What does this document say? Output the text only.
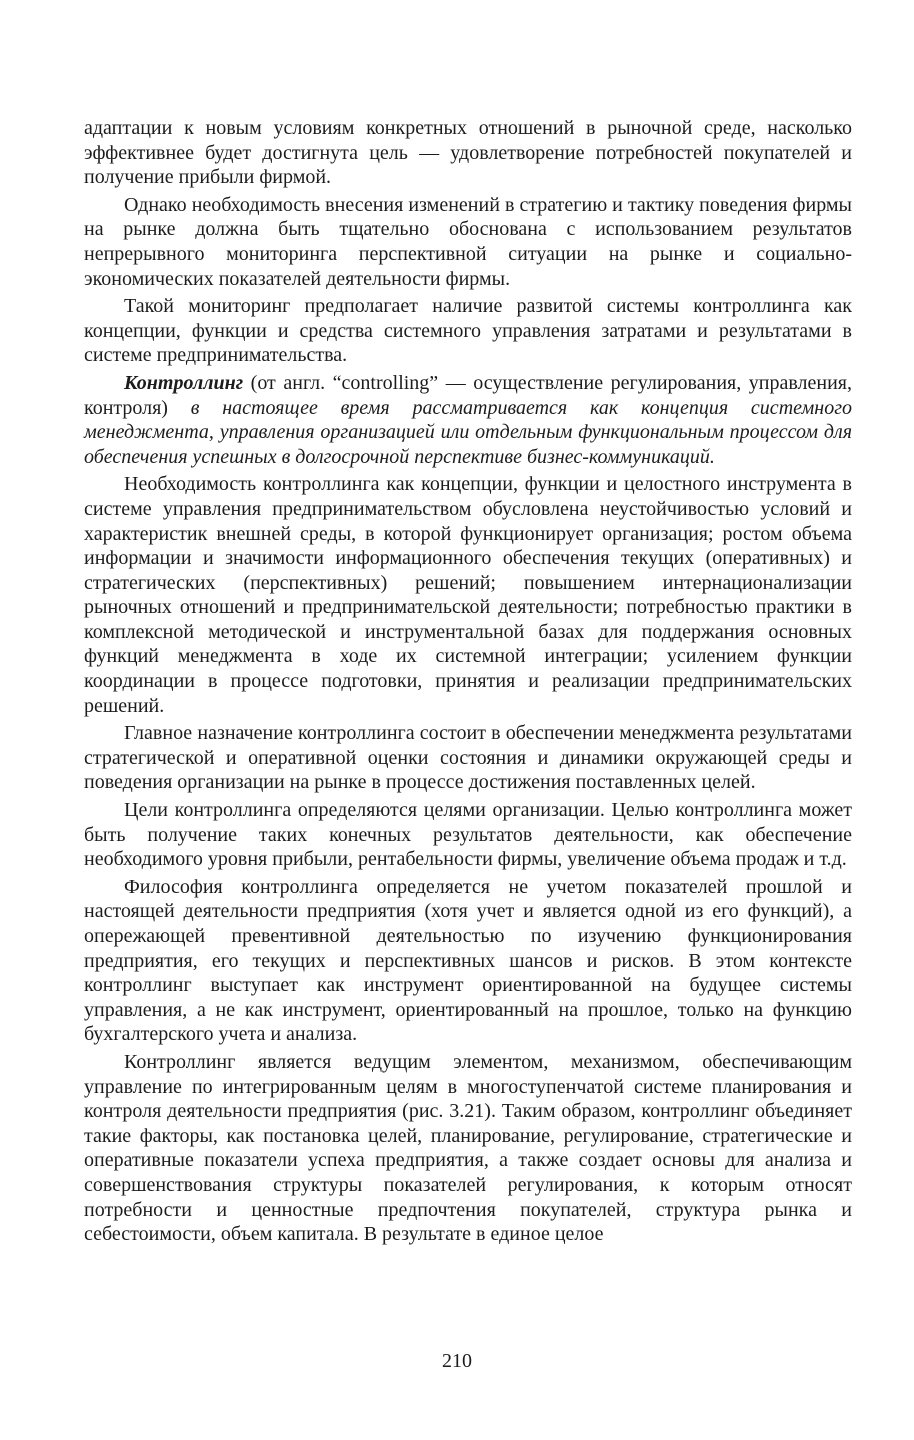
адаптации к новым условиям конкретных отношений в рыночной среде, насколько эффективнее будет достигнута цель — удовлетворение потребностей покупателей и получение прибыли фирмой.

Однако необходимость внесения изменений в стратегию и тактику поведения фирмы на рынке должна быть тщательно обоснована с использованием результатов непрерывного мониторинга перспективной ситуации на рынке и социально-экономических показателей деятельности фирмы.

Такой мониторинг предполагает наличие развитой системы контроллинга как концепции, функции и средства системного управления затратами и результатами в системе предпринимательства.

Контроллинг (от англ. “controlling” — осуществление регулирования, управления, контроля) в настоящее время рассматривается как концепция системного менеджмента, управления организацией или отдельным функциональным процессом для обеспечения успешных в долгосрочной перспективе бизнес-коммуникаций.

Необходимость контроллинга как концепции, функции и целостного инструмента в системе управления предпринимательством обусловлена неустойчивостью условий и характеристик внешней среды, в которой функционирует организация; ростом объема информации и значимости информационного обеспечения текущих (оперативных) и стратегических (перспективных) решений; повышением интернационализации рыночных отношений и предпринимательской деятельности; потребностью практики в комплексной методической и инструментальной базах для поддержания основных функций менеджмента в ходе их системной интеграции; усилением функции координации в процессе подготовки, принятия и реализации предпринимательских решений.

Главное назначение контроллинга состоит в обеспечении менеджмента результатами стратегической и оперативной оценки состояния и динамики окружающей среды и поведения организации на рынке в процессе достижения поставленных целей.

Цели контроллинга определяются целями организации. Целью контроллинга может быть получение таких конечных результатов деятельности, как обеспечение необходимого уровня прибыли, рентабельности фирмы, увеличение объема продаж и т.д.

Философия контроллинга определяется не учетом показателей прошлой и настоящей деятельности предприятия (хотя учет и является одной из его функций), а опережающей превентивной деятельностью по изучению функционирования предприятия, его текущих и перспективных шансов и рисков. В этом контексте контроллинг выступает как инструмент ориентированной на будущее системы управления, а не как инструмент, ориентированный на прошлое, только на функцию бухгалтерского учета и анализа.

Контроллинг является ведущим элементом, механизмом, обеспечивающим управление по интегрированным целям в многоступенчатой системе планирования и контроля деятельности предприятия (рис. 3.21). Таким образом, контроллинг объединяет такие факторы, как постановка целей, планирование, регулирование, стратегические и оперативные показатели успеха предприятия, а также создает основы для анализа и совершенствования структуры показателей регулирования, к которым относят потребности и ценностные предпочтения покупателей, структура рынка и себестоимости, объем капитала. В результате в единое целое

210
